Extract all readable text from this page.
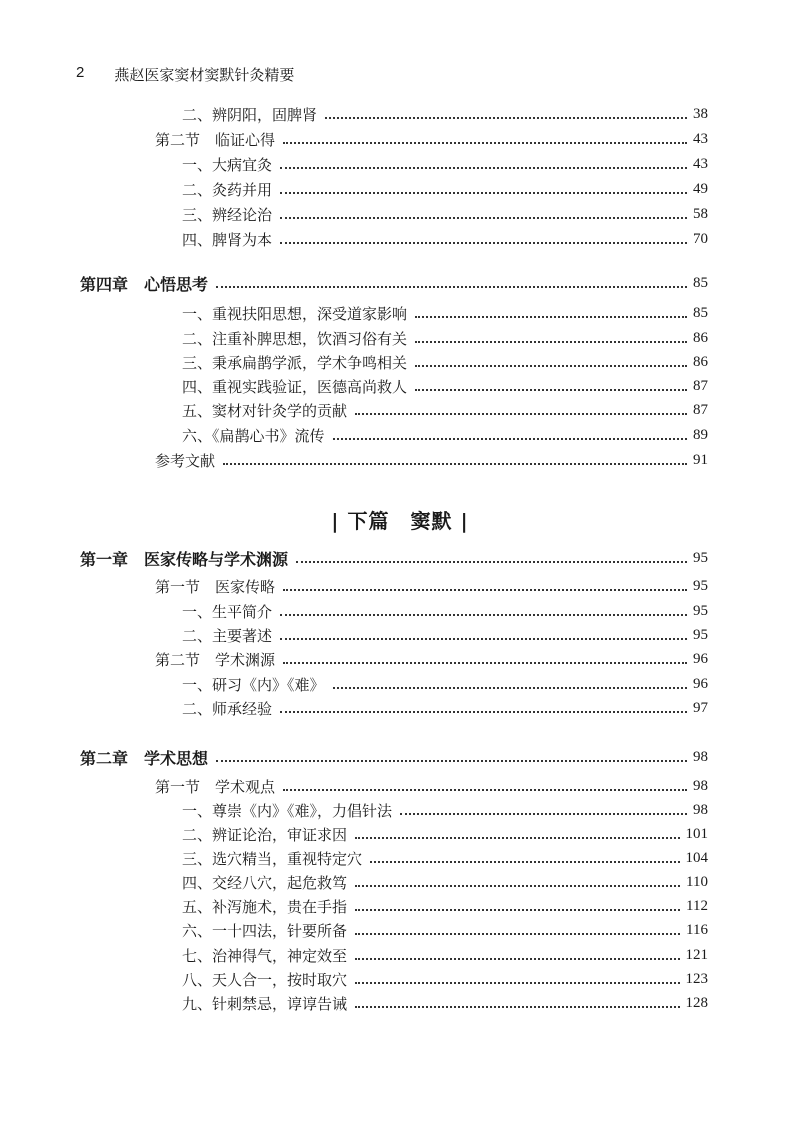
2 燕赵医家窦材窦默针灸精要
| 下篇　窦默 |
二、辨阴阳，固脾肾	38
第二节　临证心得	43
一、大病宜灸	43
二、灸药并用	49
三、辨经论治	58
四、脾肾为本	70
第四章　心悟思考	85
一、重视扶阳思想，深受道家影响	85
二、注重补脾思想，饮酒习俗有关	86
三、秉承扁鹊学派，学术争鸣相关	86
四、重视实践验证，医德高尚救人	87
五、窦材对针灸学的贡献	87
六、《扁鹊心书》流传	89
参考文献	91
第一章　医家传略与学术渊源	95
第一节　医家传略	95
一、生平简介	95
二、主要著述	95
第二节　学术渊源	96
一、研习《内》《难》	96
二、师承经验	97
第二章　学术思想	98
第一节　学术观点	98
一、尊崇《内》《难》，力倡针法	98
二、辨证论治，审证求因	101
三、选穴精当，重视特定穴	104
四、交经八穴，起危救笃	110
五、补泻施术，贵在手指	112
六、一十四法，针要所备	116
七、治神得气，神定效至	121
八、天人合一，按时取穴	123
九、针刺禁忌，谆谆告诫	128
